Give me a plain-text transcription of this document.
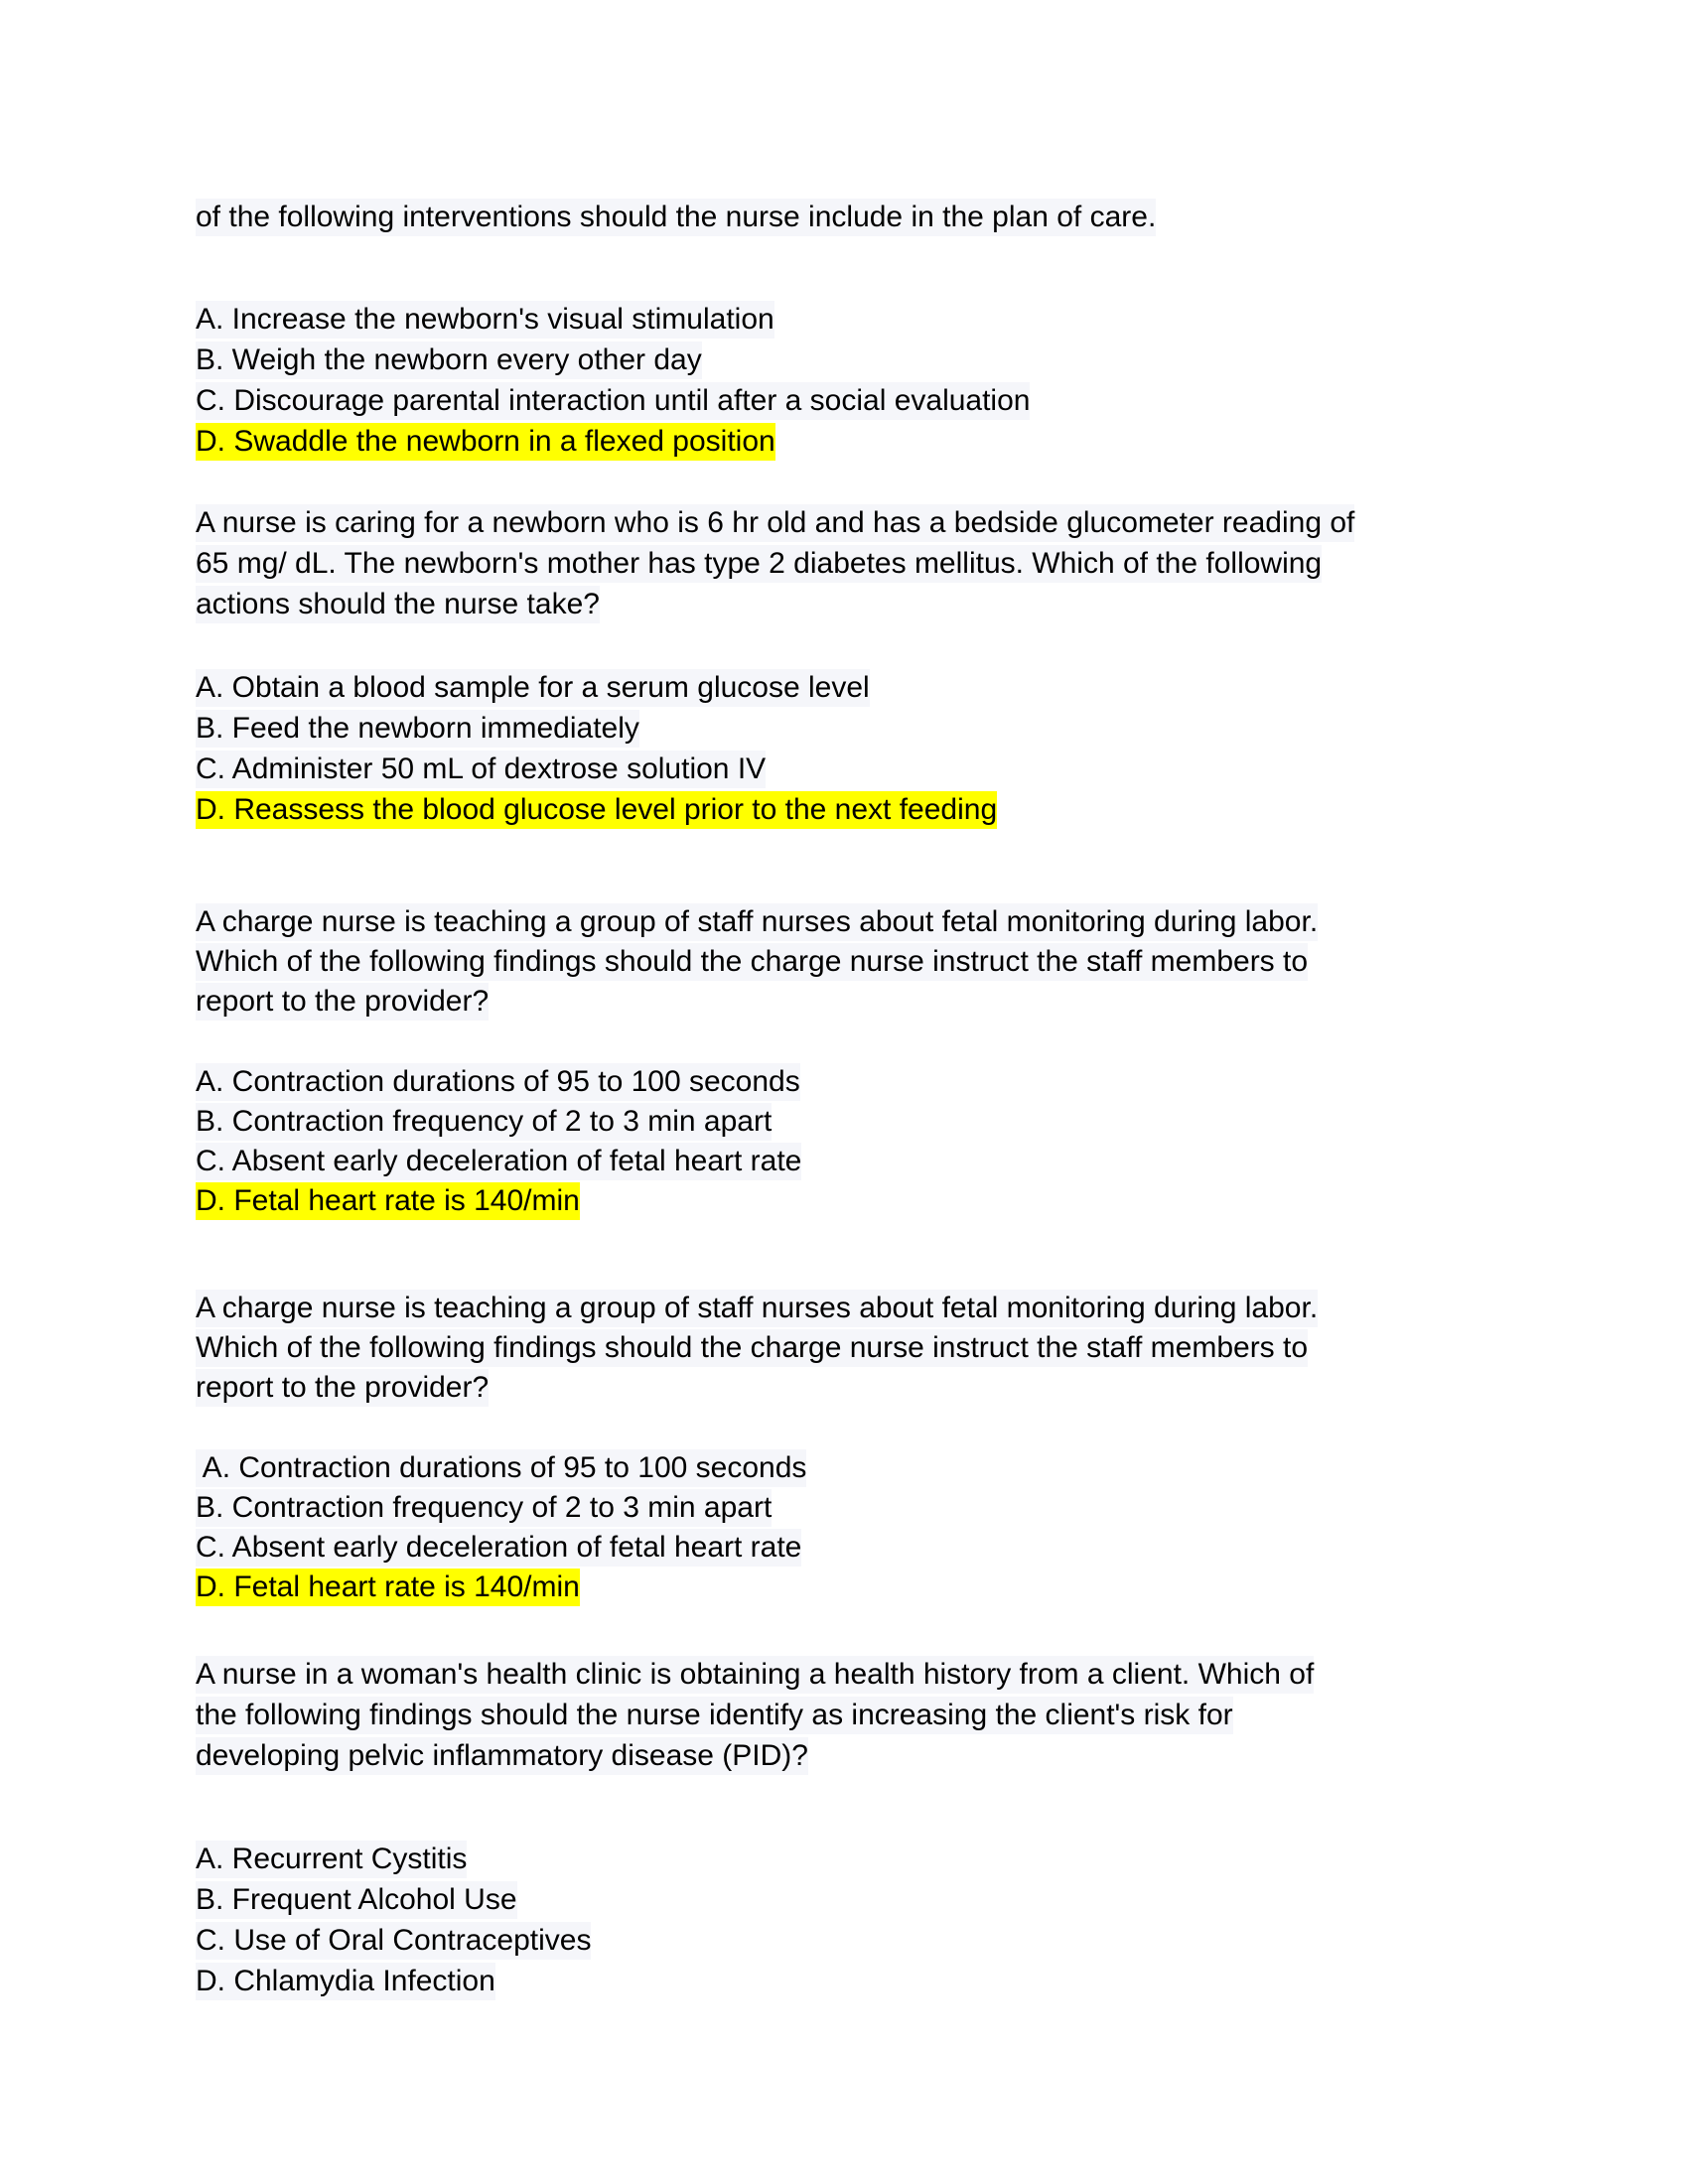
of the following interventions should the nurse include in the plan of care.
A. Increase the newborn's visual stimulation
B. Weigh the newborn every other day
C. Discourage parental interaction until after a social evaluation
D. Swaddle the newborn in a flexed position
A nurse is caring for a newborn who is 6 hr old and has a bedside glucometer reading of
65 mg/ dL. The newborn's mother has type 2 diabetes mellitus. Which of the following
actions should the nurse take?
A. Obtain a blood sample for a serum glucose level
B. Feed the newborn immediately
C. Administer 50 mL of dextrose solution IV
D. Reassess the blood glucose level prior to the next feeding
A charge nurse is teaching a group of staff nurses about fetal monitoring during labor.
Which of the following findings should the charge nurse instruct the staff members to
report to the provider?
A. Contraction durations of 95 to 100 seconds
B. Contraction frequency of 2 to 3 min apart
C. Absent early deceleration of fetal heart rate
D. Fetal heart rate is 140/min
A charge nurse is teaching a group of staff nurses about fetal monitoring during labor.
Which of the following findings should the charge nurse instruct the staff members to
report to the provider?
A. Contraction durations of 95 to 100 seconds
B. Contraction frequency of 2 to 3 min apart
C. Absent early deceleration of fetal heart rate
D. Fetal heart rate is 140/min
A nurse in a woman's health clinic is obtaining a health history from a client. Which of
the following findings should the nurse identify as increasing the client's risk for
developing pelvic inflammatory disease (PID)?
A. Recurrent Cystitis
B. Frequent Alcohol Use
C. Use of Oral Contraceptives
D. Chlamydia Infection
